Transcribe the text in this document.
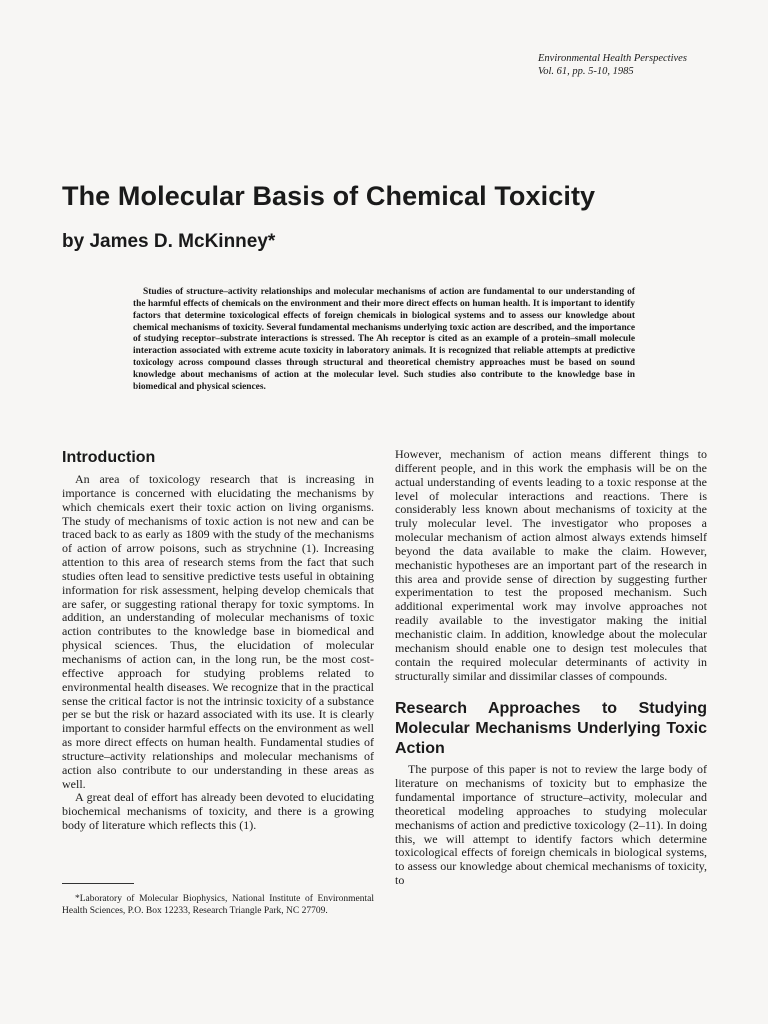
Environmental Health Perspectives
Vol. 61, pp. 5-10, 1985
The Molecular Basis of Chemical Toxicity
by James D. McKinney*

Studies of structure–activity relationships and molecular mechanisms of action are fundamental to our understanding of the harmful effects of chemicals on the environment and their more direct effects on human health. It is important to identify factors that determine toxicological effects of foreign chemicals in biological systems and to assess our knowledge about chemical mechanisms of toxicity. Several fundamental mechanisms underlying toxic action are described, and the importance of studying receptor–substrate interactions is stressed. The Ah receptor is cited as an example of a protein–small molecule interaction associated with extreme acute toxicity in laboratory animals. It is recognized that reliable attempts at predictive toxicology across compound classes through structural and theoretical chemistry approaches must be based on sound knowledge about mechanisms of action at the molecular level. Such studies also contribute to the knowledge base in biomedical and physical sciences.

Introduction

An area of toxicology research that is increasing in importance is concerned with elucidating the mechanisms by which chemicals exert their toxic action on living organisms. The study of mechanisms of toxic action is not new and can be traced back to as early as 1809 with the study of the mechanisms of action of arrow poisons, such as strychnine (1). Increasing attention to this area of research stems from the fact that such studies often lead to sensitive predictive tests useful in obtaining information for risk assessment, helping develop chemicals that are safer, or suggesting rational therapy for toxic symptoms. In addition, an understanding of molecular mechanisms of toxic action contributes to the knowledge base in biomedical and physical sciences. Thus, the elucidation of molecular mechanisms of action can, in the long run, be the most cost-effective approach for studying problems related to environmental health diseases. We recognize that in the practical sense the critical factor is not the intrinsic toxicity of a substance per se but the risk or hazard associated with its use. It is clearly important to consider harmful effects on the environment as well as more direct effects on human health. Fundamental studies of structure–activity relationships and molecular mechanisms of action also contribute to our understanding in these areas as well.

A great deal of effort has already been devoted to elucidating biochemical mechanisms of toxicity, and there is a growing body of literature which reflects this (1).

*Laboratory of Molecular Biophysics, National Institute of Environmental Health Sciences, P.O. Box 12233, Research Triangle Park, NC 27709.

However, mechanism of action means different things to different people, and in this work the emphasis will be on the actual understanding of events leading to a toxic response at the level of molecular interactions and reactions. There is considerably less known about mechanisms of toxicity at the truly molecular level. The investigator who proposes a molecular mechanism of action almost always extends himself beyond the data available to make the claim. However, mechanistic hypotheses are an important part of the research in this area and provide sense of direction by suggesting further experimentation to test the proposed mechanism. Such additional experimental work may involve approaches not readily available to the investigator making the initial mechanistic claim. In addition, knowledge about the molecular mechanism should enable one to design test molecules that contain the required molecular determinants of activity in structurally similar and dissimilar classes of compounds.

Research Approaches to Studying Molecular Mechanisms Underlying Toxic Action

The purpose of this paper is not to review the large body of literature on mechanisms of toxicity but to emphasize the fundamental importance of structure–activity, molecular and theoretical modeling approaches to studying molecular mechanisms of action and predictive toxicology (2–11). In doing this, we will attempt to identify factors which determine toxicological effects of foreign chemicals in biological systems, to assess our knowledge about chemical mechanisms of toxicity, to
